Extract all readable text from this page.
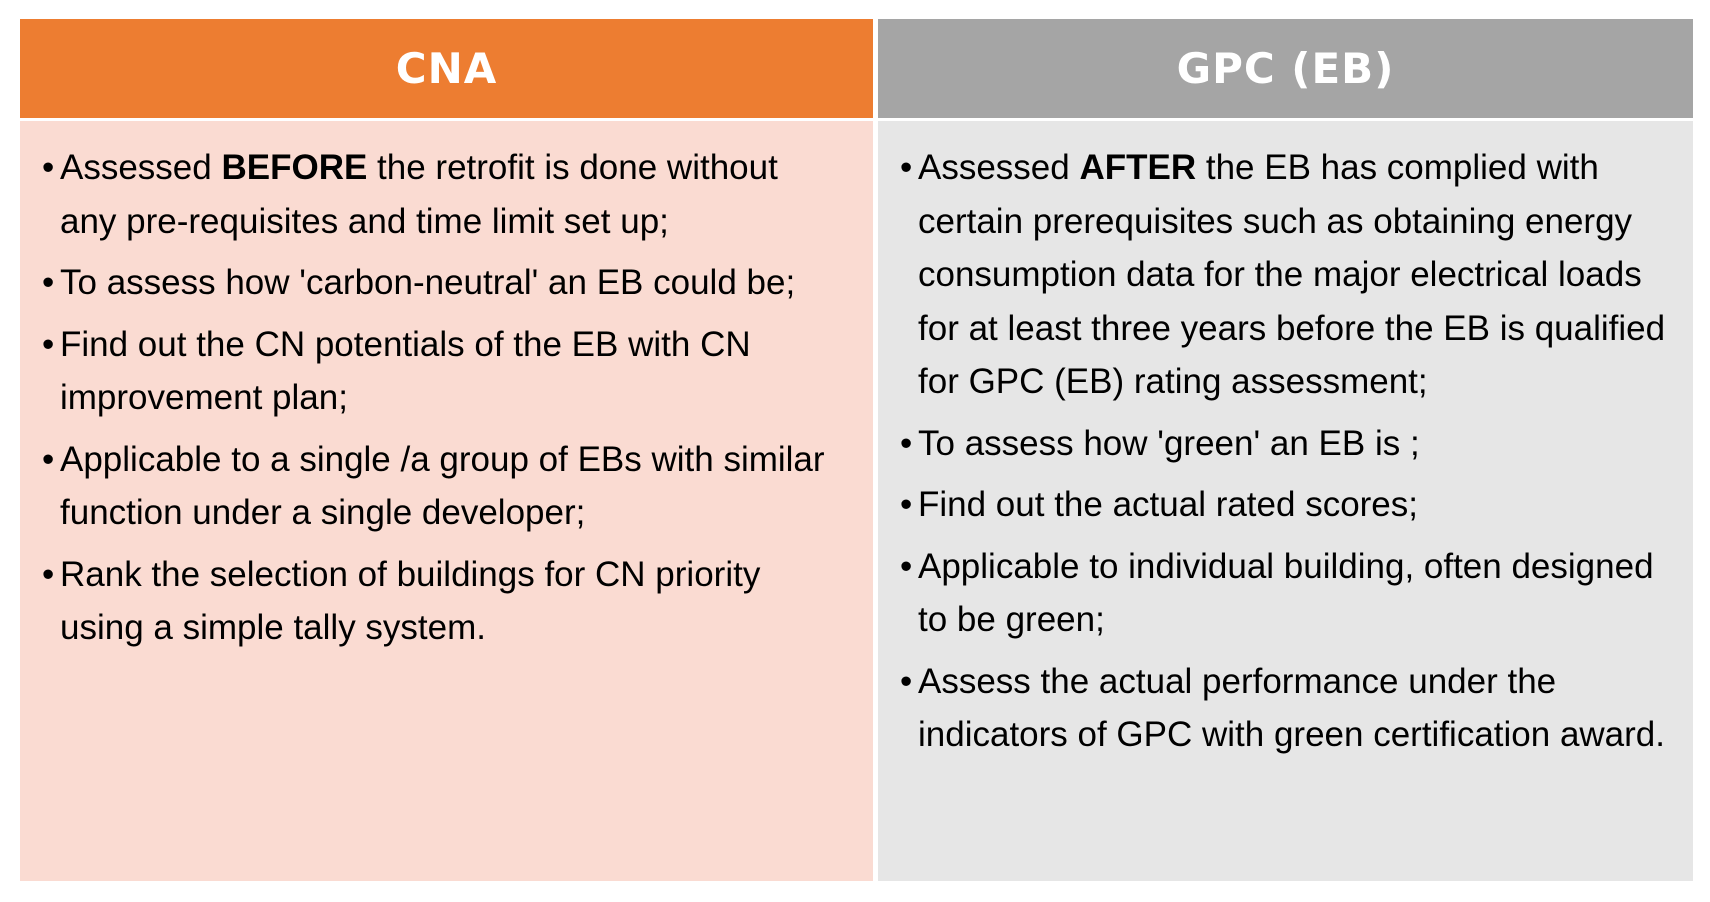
CNA
• Assessed BEFORE the retrofit is done without any pre-requisites and time limit set up;
• To assess how 'carbon-neutral' an EB could be;
• Find out the CN potentials of the EB with CN improvement plan;
• Applicable to a single /a group of EBs with similar function under a single developer;
• Rank the selection of buildings for CN priority using a simple tally system.
GPC (EB)
• Assessed AFTER the EB has complied with certain prerequisites such as obtaining energy consumption data for the major electrical loads for at least three years before the EB is qualified for GPC (EB) rating assessment;
• To assess how 'green' an EB is ;
• Find out the actual rated scores;
• Applicable to individual building, often designed to be green;
• Assess the actual performance under the indicators of GPC with green certification award.
